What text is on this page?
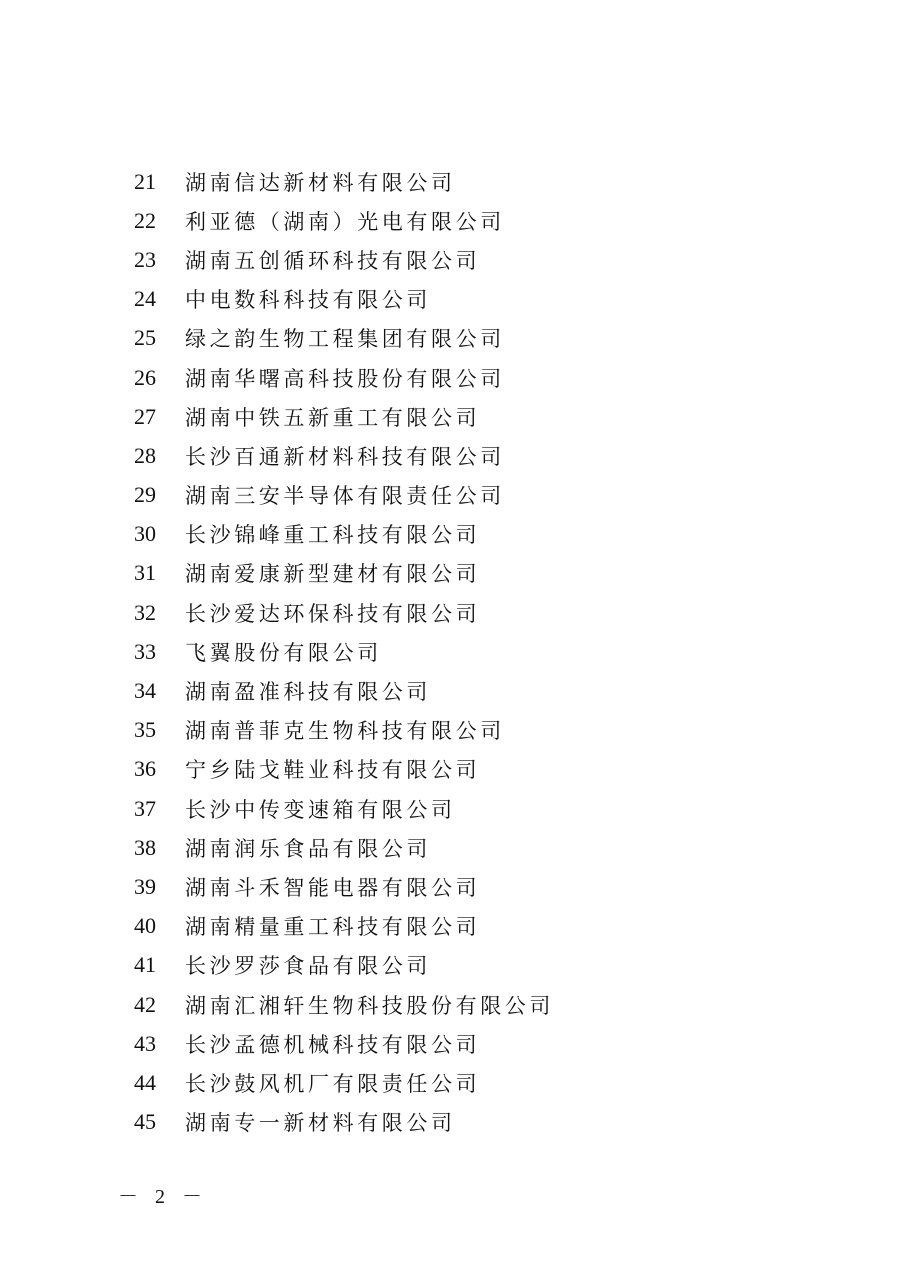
21	湖南信达新材料有限公司
22	利亚德（湖南）光电有限公司
23	湖南五创循环科技有限公司
24	中电数科科技有限公司
25	绿之韵生物工程集团有限公司
26	湖南华曙高科技股份有限公司
27	湖南中铁五新重工有限公司
28	长沙百通新材料科技有限公司
29	湖南三安半导体有限责任公司
30	长沙锦峰重工科技有限公司
31	湖南爱康新型建材有限公司
32	长沙爱达环保科技有限公司
33	飞翼股份有限公司
34	湖南盈准科技有限公司
35	湖南普菲克生物科技有限公司
36	宁乡陆戈鞋业科技有限公司
37	长沙中传变速箱有限公司
38	湖南润乐食品有限公司
39	湖南斗禾智能电器有限公司
40	湖南精量重工科技有限公司
41	长沙罗莎食品有限公司
42	湖南汇湘轩生物科技股份有限公司
43	长沙孟德机械科技有限公司
44	长沙鼓风机厂有限责任公司
45	湖南专一新材料有限公司
－ 2 －
